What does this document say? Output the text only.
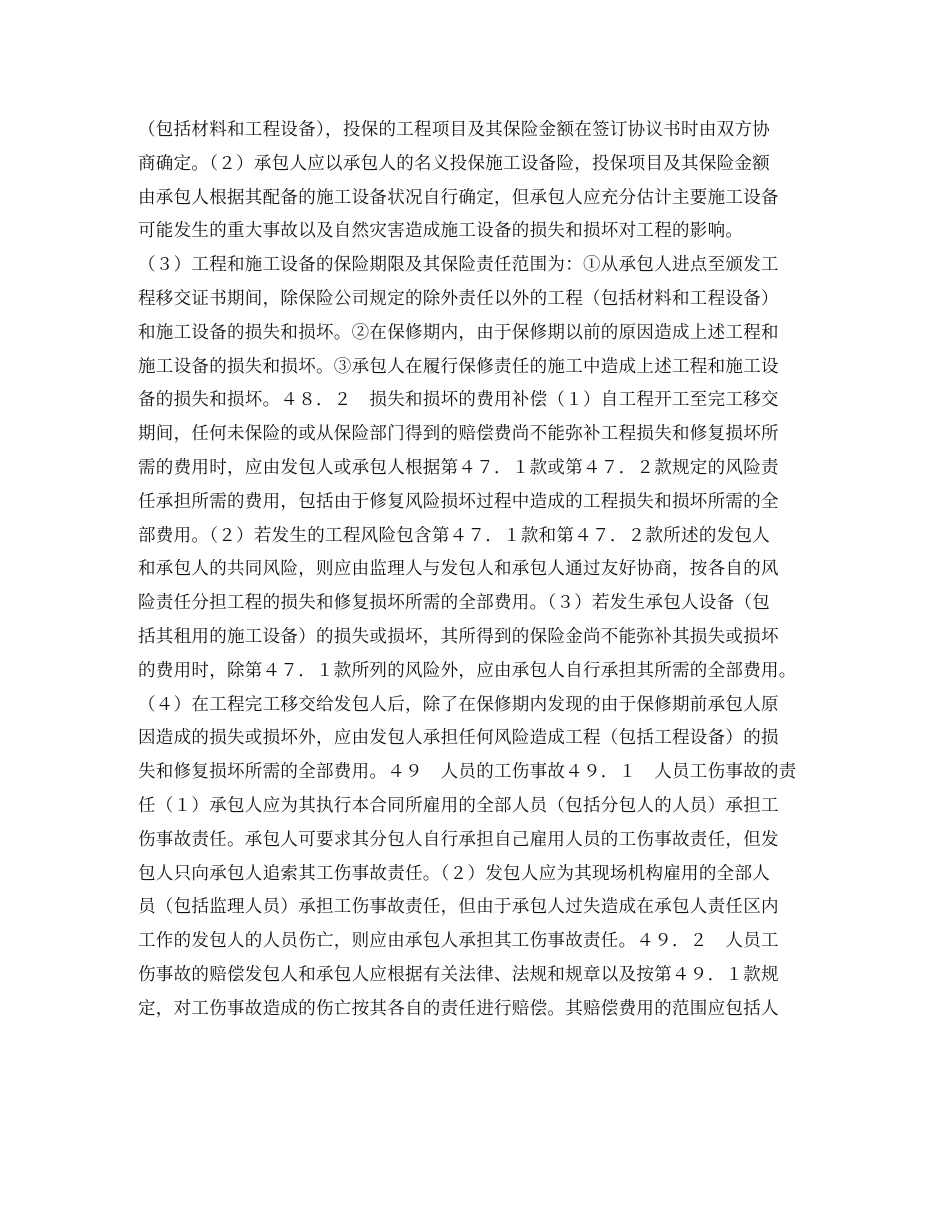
（包括材料和工程设备），投保的工程项目及其保险金额在签订协议书时由双方协
商确定。（２）承包人应以承包人的名义投保施工设备险，投保项目及其保险金额
由承包人根据其配备的施工设备状况自行确定，但承包人应充分估计主要施工设备
可能发生的重大事故以及自然灾害造成施工设备的损失和损坏对工程的影响。
（３）工程和施工设备的保险期限及其保险责任范围为：①从承包人进点至颁发工
程移交证书期间，除保险公司规定的除外责任以外的工程（包括材料和工程设备）
和施工设备的损失和损坏。②在保修期内，由于保修期以前的原因造成上述工程和
施工设备的损失和损坏。③承包人在履行保修责任的施工中造成上述工程和施工设
备的损失和损坏。４８．２　损失和损坏的费用补偿（１）自工程开工至完工移交
期间，任何未保险的或从保险部门得到的赔偿费尚不能弥补工程损失和修复损坏所
需的费用时，应由发包人或承包人根据第４７．１款或第４７．２款规定的风险责
任承担所需的费用，包括由于修复风险损坏过程中造成的工程损失和损坏所需的全
部费用。（２）若发生的工程风险包含第４７．１款和第４７．２款所述的发包人
和承包人的共同风险，则应由监理人与发包人和承包人通过友好协商，按各自的风
险责任分担工程的损失和修复损坏所需的全部费用。（３）若发生承包人设备（包
括其租用的施工设备）的损失或损坏，其所得到的保险金尚不能弥补其损失或损坏
的费用时，除第４７．１款所列的风险外，应由承包人自行承担其所需的全部费用。
（４）在工程完工移交给发包人后，除了在保修期内发现的由于保修期前承包人原
因造成的损失或损坏外，应由发包人承担任何风险造成工程（包括工程设备）的损
失和修复损坏所需的全部费用。４９　人员的工伤事故４９．１　人员工伤事故的责
任（１）承包人应为其执行本合同所雇用的全部人员（包括分包人的人员）承担工
伤事故责任。承包人可要求其分包人自行承担自己雇用人员的工伤事故责任，但发
包人只向承包人追索其工伤事故责任。（２）发包人应为其现场机构雇用的全部人
员（包括监理人员）承担工伤事故责任，但由于承包人过失造成在承包人责任区内
工作的发包人的人员伤亡，则应由承包人承担其工伤事故责任。４９．２　人员工
伤事故的赔偿发包人和承包人应根据有关法律、法规和规章以及按第４９．１款规
定，对工伤事故造成的伤亡按其各自的责任进行赔偿。其赔偿费用的范围应包括人
